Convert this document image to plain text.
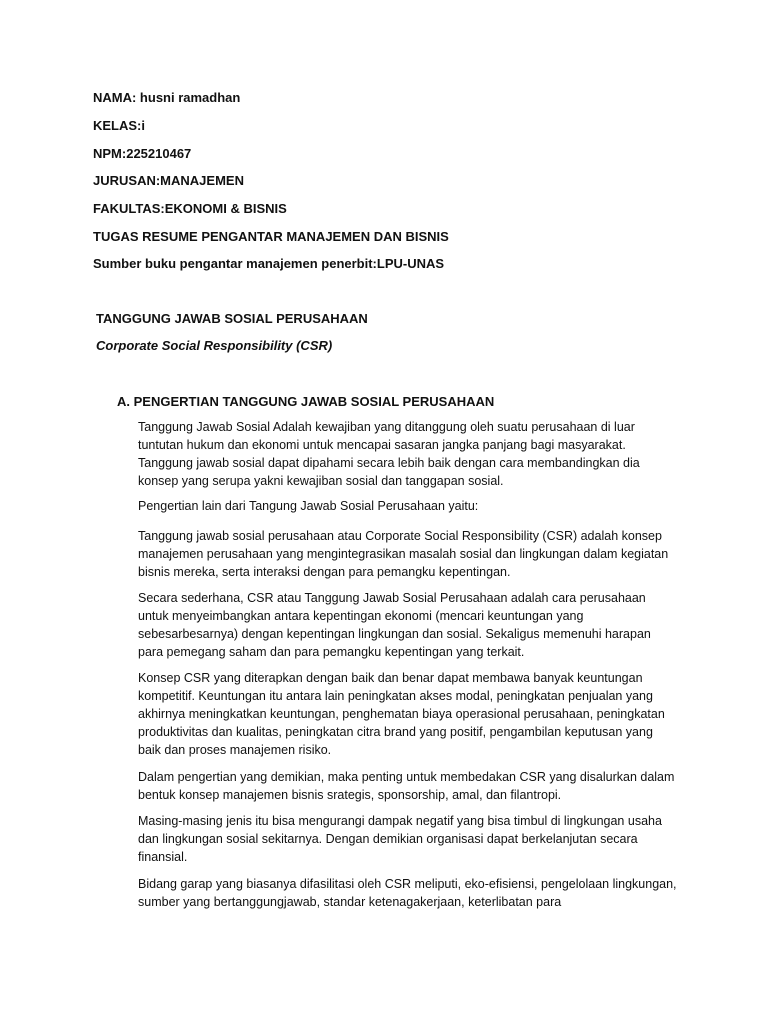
NAMA: husni ramadhan
KELAS:i
NPM:225210467
JURUSAN:MANAJEMEN
FAKULTAS:EKONOMI & BISNIS
TUGAS RESUME PENGANTAR MANAJEMEN DAN BISNIS
Sumber buku pengantar manajemen penerbit:LPU-UNAS
TANGGUNG JAWAB SOSIAL PERUSAHAAN
Corporate Social Responsibility (CSR)
A. PENGERTIAN TANGGUNG JAWAB SOSIAL PERUSAHAAN

Tanggung Jawab Sosial Adalah kewajiban yang ditanggung oleh suatu perusahaan di luar tuntutan hukum dan ekonomi untuk mencapai sasaran jangka panjang bagi masyarakat. Tanggung jawab sosial dapat dipahami secara lebih baik dengan cara membandingkan dia konsep yang serupa yakni kewajiban sosial dan tanggapan sosial.

Pengertian lain dari Tangung Jawab Sosial Perusahaan yaitu:

Tanggung jawab sosial perusahaan atau Corporate Social Responsibility (CSR) adalah konsep manajemen perusahaan yang mengintegrasikan masalah sosial dan lingkungan dalam kegiatan bisnis mereka, serta interaksi dengan para pemangku kepentingan.

Secara sederhana, CSR atau Tanggung Jawab Sosial Perusahaan adalah cara perusahaan untuk menyeimbangkan antara kepentingan ekonomi (mencari keuntungan yang sebesarbesarnya) dengan kepentingan lingkungan dan sosial. Sekaligus memenuhi harapan para pemegang saham dan para pemangku kepentingan yang terkait.

Konsep CSR yang diterapkan dengan baik dan benar dapat membawa banyak keuntungan kompetitif. Keuntungan itu antara lain peningkatan akses modal, peningkatan penjualan yang akhirnya meningkatkan keuntungan, penghematan biaya operasional perusahaan, peningkatan produktivitas dan kualitas, peningkatan citra brand yang positif, pengambilan keputusan yang baik dan proses manajemen risiko.

Dalam pengertian yang demikian, maka penting untuk membedakan CSR yang disalurkan dalam bentuk konsep manajemen bisnis srategis, sponsorship, amal, dan filantropi.

Masing-masing jenis itu bisa mengurangi dampak negatif yang bisa timbul di lingkungan usaha dan lingkungan sosial sekitarnya. Dengan demikian organisasi dapat berkelanjutan secara finansial.

Bidang garap yang biasanya difasilitasi oleh CSR meliputi, eko-efisiensi, pengelolaan lingkungan, sumber yang bertanggungjawab, standar ketenagakerjaan, keterlibatan para
